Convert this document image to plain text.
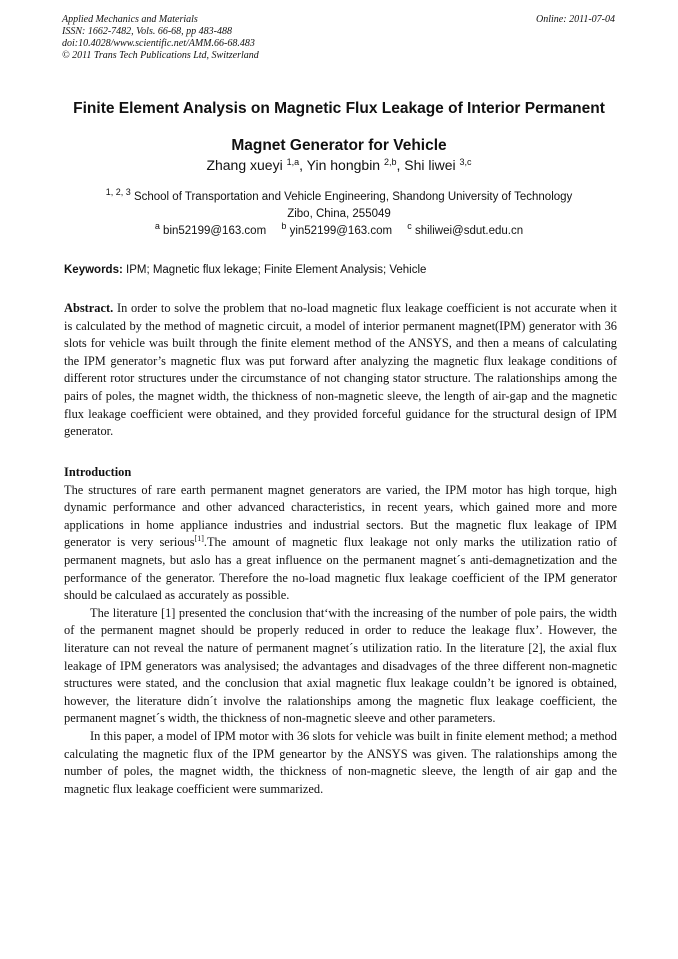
Applied Mechanics and Materials
ISSN: 1662-7482, Vols. 66-68, pp 483-488
doi:10.4028/www.scientific.net/AMM.66-68.483
© 2011 Trans Tech Publications Ltd, Switzerland
Online: 2011-07-04
Finite Element Analysis on Magnetic Flux Leakage of Interior Permanent
Magnet Generator for Vehicle
Zhang xueyi $^{1,a}$, Yin hongbin $^{2,b}$, Shi liwei $^{3,c}$
$^{1, 2, 3}$ School of Transportation and Vehicle Engineering, Shandong University of Technology
Zibo, China, 255049
$^a$ bin52199@163.com $^b$ yin52199@163.com $^c$ shiliwei@sdut.edu.cn
Keywords: IPM; Magnetic flux lekage; Finite Element Analysis; Vehicle
Abstract. In order to solve the problem that no-load magnetic flux leakage coefficient is not accurate when it is calculated by the method of magnetic circuit, a model of interior permanent magnet(IPM) generator with 36 slots for vehicle was built through the finite element method of the ANSYS, and then a means of calculating the IPM generator’s magnetic flux was put forward after analyzing the magnetic flux leakage conditions of different rotor structures under the circumstance of not changing stator structure. The ralationships among the pairs of poles, the magnet width, the thickness of non-magnetic sleeve, the length of air-gap and the magnetic flux leakage coefficient were obtained, and they provided forceful guidance for the structural design of IPM generator.
Introduction

The structures of rare earth permanent magnet generators are varied, the IPM motor has high torque, high dynamic performance and other advanced characteristics, in recent years, which gained more and more applications in home appliance industries and industrial sectors. But the magnetic flux leakage of IPM generator is very serious[1].The amount of magnetic flux leakage not only marks the utilization ratio of permanent magnets, but aslo has a great influence on the permanent magnet´s anti-demagnetization and the performance of the generator. Therefore the no-load magnetic flux leakage coefficient of the IPM generator should be calculaed as accurately as possible.

The literature [1] presented the conclusion that‘with the increasing of the number of pole pairs, the width of the permanent magnet should be properly reduced in order to reduce the leakage flux’. However, the literature can not reveal the nature of permanent magnet´s utilization ratio. In the literature [2], the axial flux leakage of IPM generators was analysised; the advantages and disadvages of the three different non-magnetic structures were stated, and the conclusion that axial magnetic flux leakage couldn’t be ignored is obtained, however, the literature didn´t involve the ralationships among the magnetic flux leakage coefficient, the permanent magnet´s width, the thickness of non-magnetic sleeve and other parameters.

In this paper, a model of IPM motor with 36 slots for vehicle was built in finite element method; a method calculating the magnetic flux of the IPM geneartor by the ANSYS was given. The ralationships among the number of poles, the magnet width, the thickness of non-magnetic sleeve, the length of air gap and the magnetic flux leakage coefficient were summarized.
